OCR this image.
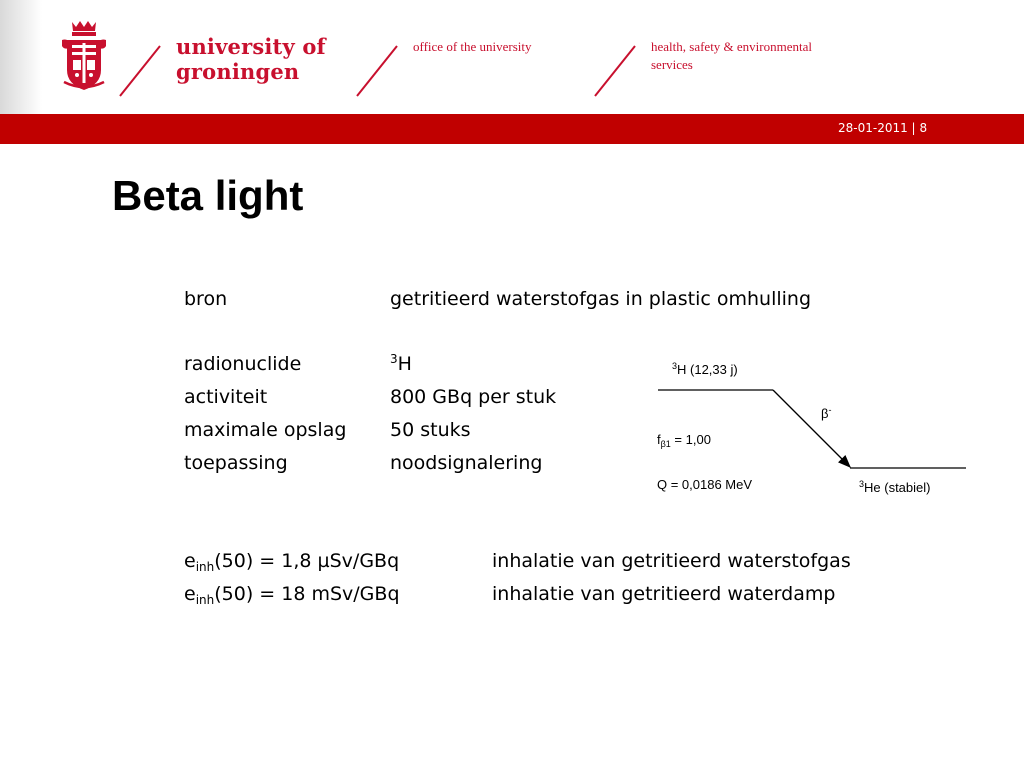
university of
groningen
office of the university	health, safety & environmental
services
28-01-2011 | 8
Beta light
bron	getritieerd waterstofgas in plastic omhulling
radionuclide	$^3$H
activiteit	800 GBq per stuk
maximale opslag 50 stuks
toepassing	noodsignalering
$e_{inh}(50) = 1,8$ µSv/GBq	inhalatie van getritieerd waterstofgas
$e_{inh}(50) = 18$ mSv/GBq	inhalatie van getritieerd waterdamp
$^3$H (12,33 j)
β-
$f_{\beta 1} = 1,00$
Q = 0,0186 MeV	$^3$He (stabiel)
